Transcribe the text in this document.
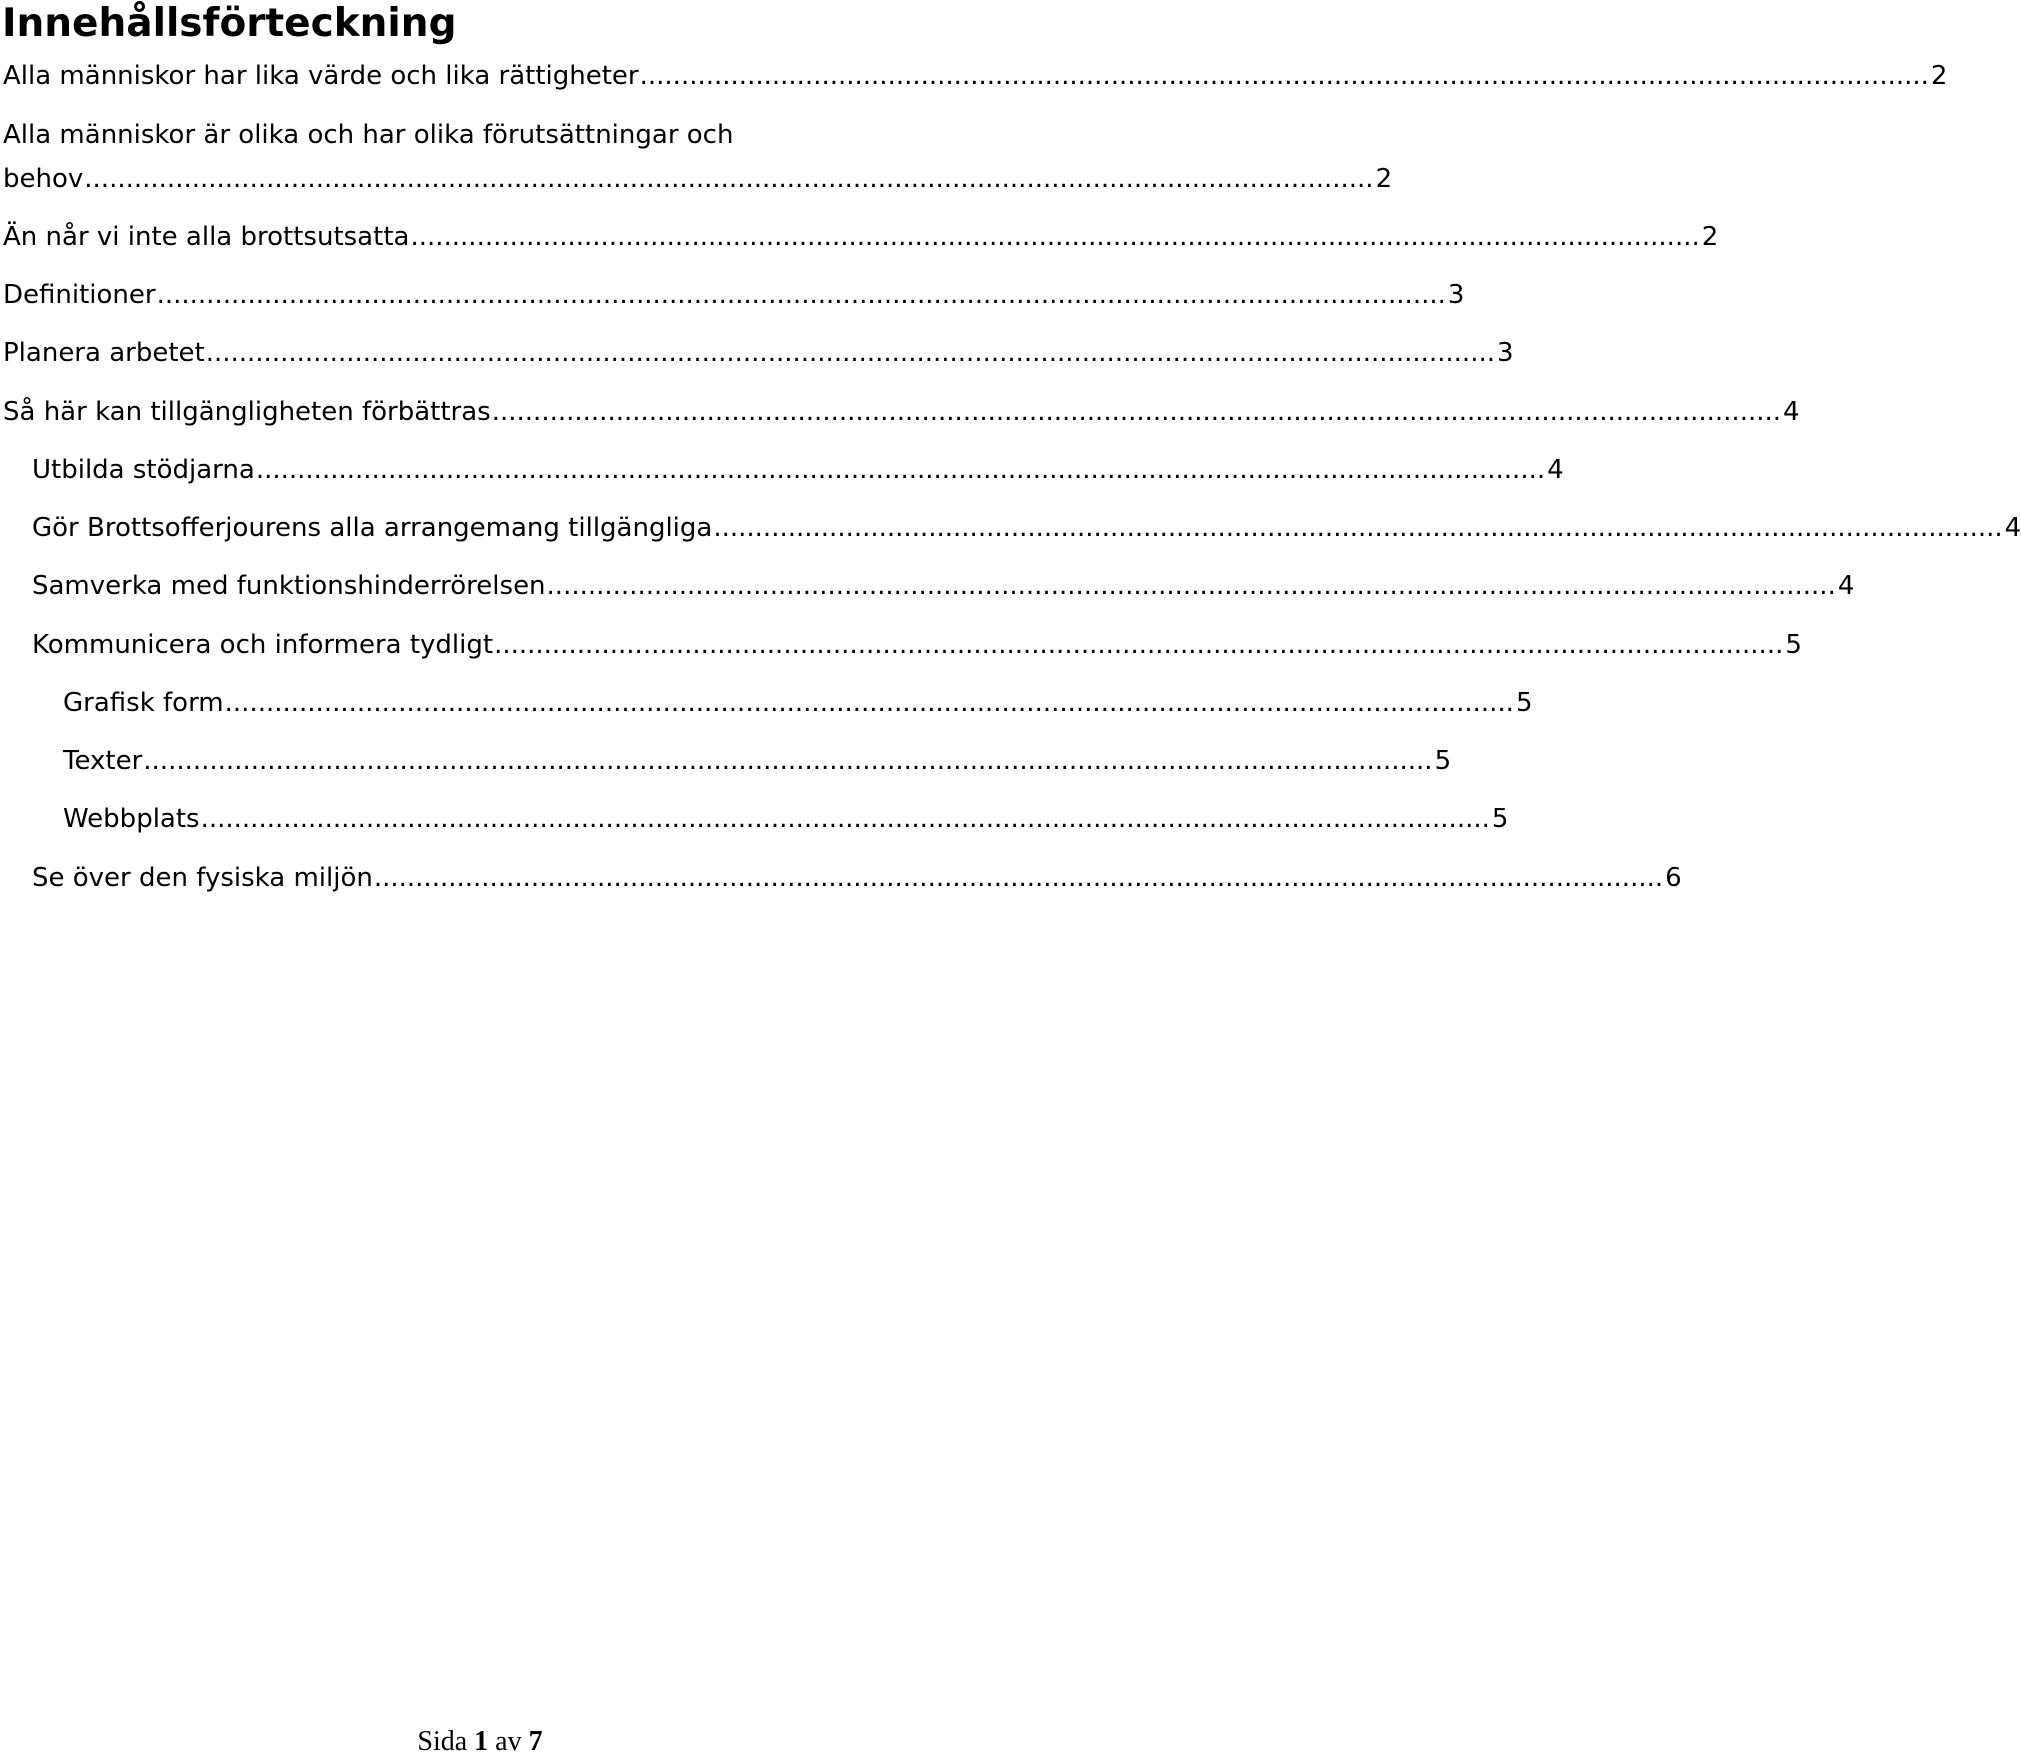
Innehållsförteckning
Alla människor har lika värde och lika rättigheter ............................................................................................................................................................ 2
Alla människor är olika och har olika förutsättningar och
behov ............................................................................................................................................................ 2
Än når vi inte alla brottsutsatta ............................................................................................................................................................ 2
Definitioner ............................................................................................................................................................ 3
Planera arbetet ............................................................................................................................................................ 3
Så här kan tillgängligheten förbättras ............................................................................................................................................................ 4
Utbilda stödjarna ............................................................................................................................................................ 4
Gör Brottsofferjourens alla arrangemang tillgängliga ............................................................................................................................................................ 4
Samverka med funktionshinderrörelsen ............................................................................................................................................................ 4
Kommunicera och informera tydligt ............................................................................................................................................................ 5
Grafisk form ............................................................................................................................................................ 5
Texter ............................................................................................................................................................ 5
Webbplats ............................................................................................................................................................ 5
Se över den fysiska miljön ............................................................................................................................................................ 6
Sida 1 av 7
